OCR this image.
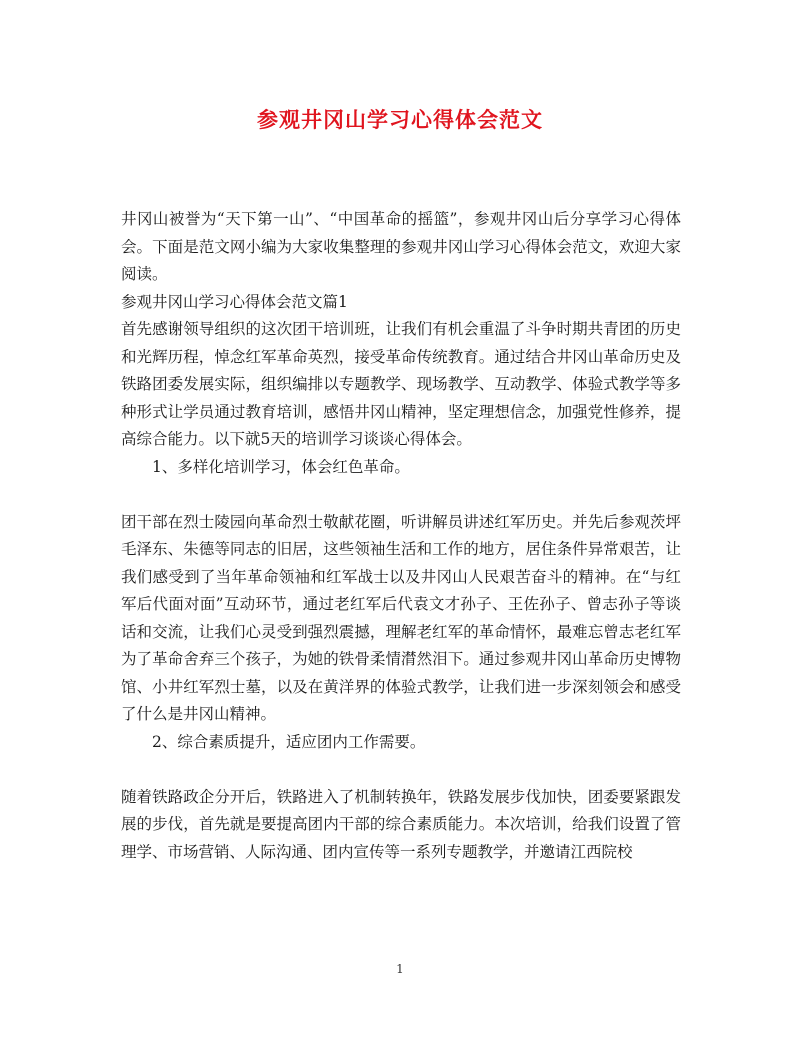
参观井冈山学习心得体会范文

井冈山被誉为“天下第一山”、“中国革命的摇篮”，参观井冈山后分享学习心得体会。下面是范文网小编为大家收集整理的参观井冈山学习心得体会范文，欢迎大家阅读。

参观井冈山学习心得体会范文篇1

首先感谢领导组织的这次团干培训班，让我们有机会重温了斗争时期共青团的历史和光辉历程，悼念红军革命英烈，接受革命传统教育。通过结合井冈山革命历史及铁路团委发展实际，组织编排以专题教学、现场教学、互动教学、体验式教学等多种形式让学员通过教育培训，感悟井冈山精神，坚定理想信念，加强党性修养，提高综合能力。以下就5天的培训学习谈谈心得体会。

1、多样化培训学习，体会红色革命。

团干部在烈士陵园向革命烈士敬献花圈，听讲解员讲述红军历史。并先后参观茨坪毛泽东、朱德等同志的旧居，这些领袖生活和工作的地方，居住条件异常艰苦，让我们感受到了当年革命领袖和红军战士以及井冈山人民艰苦奋斗的精神。在“与红军后代面对面”互动环节，通过老红军后代袁文才孙子、王佐孙子、曾志孙子等谈话和交流，让我们心灵受到强烈震撼，理解老红军的革命情怀，最难忘曾志老红军为了革命舍弃三个孩子，为她的铁骨柔情潸然泪下。通过参观井冈山革命历史博物馆、小井红军烈士墓，以及在黄洋界的体验式教学，让我们进一步深刻领会和感受了什么是井冈山精神。

2、综合素质提升，适应团内工作需要。

随着铁路政企分开后，铁路进入了机制转换年，铁路发展步伐加快，团委要紧跟发展的步伐，首先就是要提高团内干部的综合素质能力。本次培训，给我们设置了管理学、市场营销、人际沟通、团内宣传等一系列专题教学，并邀请江西院校

1
